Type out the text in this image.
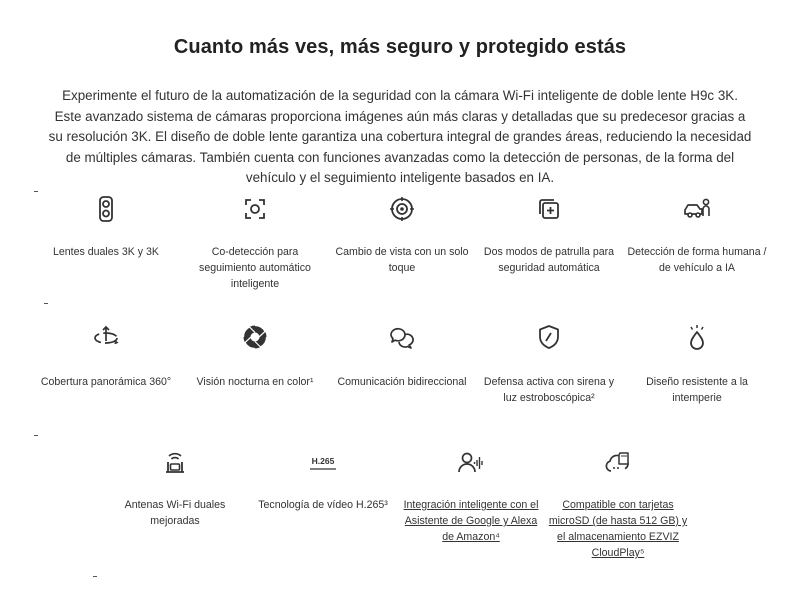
Cuanto más ves, más seguro y protegido estás
Experimente el futuro de la automatización de la seguridad con la cámara Wi-Fi inteligente de doble lente H9c 3K. Este avanzado sistema de cámaras proporciona imágenes aún más claras y detalladas que su predecesor gracias a su resolución 3K. El diseño de doble lente garantiza una cobertura integral de grandes áreas, reduciendo la necesidad de múltiples cámaras. También cuenta con funciones avanzadas como la detección de personas, de la forma del vehículo y el seguimiento inteligente basados en IA.
Lentes duales 3K y 3K	Co-detección para seguimiento automático inteligente
Cambio de vista con un solo toque
Dos modos de patrulla para seguridad automática
Detección de forma humana / de vehículo a IA
Cobertura panorámica 360°	Visión nocturna en color¹	Comunicación bidireccional	Defensa activa con sirena y luz estroboscópica²
Diseño resistente a la intemperie
Antenas Wi-Fi duales mejoradas
H.265
Tecnología de vídeo H.265³	Integración inteligente con el Asistente de Google y Alexa de Amazon⁴
Compatible con tarjetas microSD (de hasta 512 GB) y el almacenamiento EZVIZ CloudPlay⁵
